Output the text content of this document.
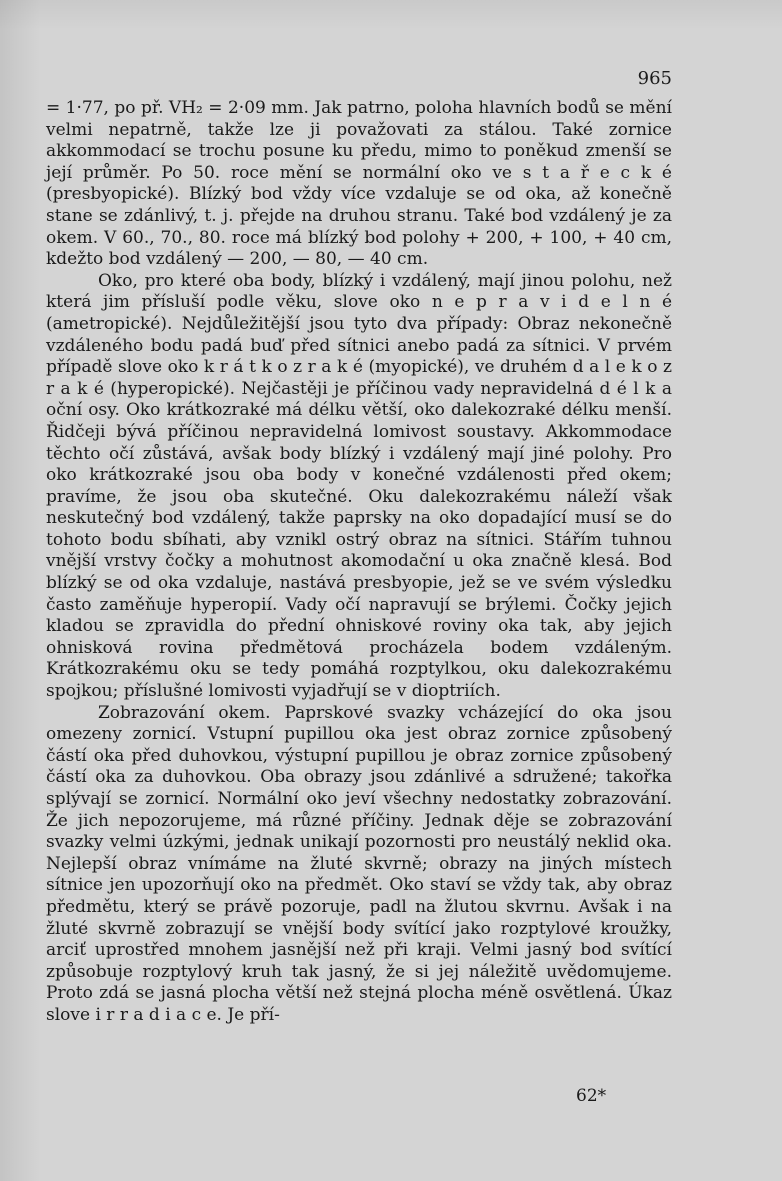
965

= 1·77, po př. VH₂ = 2·09 mm. Jak patrno, poloha hlavních bodů se mění velmi nepatrně, takže lze ji považovati za stálou. Také zornice akkommodací se trochu posune ku předu, mimo to poněkud zmenší se její průměr. Po 50. roce mění se normální oko ve s t a ř e c k é (presbyopické). Blízký bod vždy více vzdaluje se od oka, až konečně stane se zdánlivý, t. j. přejde na druhou stranu. Také bod vzdálený je za okem. V 60., 70., 80. roce má blízký bod polohy + 200, + 100, + 40 cm, kdežto bod vzdálený — 200, — 80, — 40 cm.

Oko, pro které oba body, blízký i vzdálený, mají jinou polohu, než která jim přísluší podle věku, slove oko n e p r a v i d e l n é (ametropické). Nejdůležitější jsou tyto dva případy: Obraz nekonečně vzdáleného bodu padá buď před sítnici anebo padá za sítnici. V prvém případě slove oko k r á t k o z r a k é (myopické), ve druhém d a l e k o z r a k é (hyperopické). Nejčastěji je příčinou vady nepravidelná d é l k a oční osy. Oko krátkozraké má délku větší, oko dalekozraké délku menší. Řidčeji bývá příčinou nepravidelná lomivost soustavy. Akkommodace těchto očí zůstává, avšak body blízký i vzdálený mají jiné polohy. Pro oko krátkozraké jsou oba body v konečné vzdálenosti před okem; pravíme, že jsou oba skutečné. Oku dalekozrakému náleží však neskutečný bod vzdálený, takže paprsky na oko dopadající musí se do tohoto bodu sbíhati, aby vznikl ostrý obraz na sítnici. Stářím tuhnou vnější vrstvy čočky a mohutnost akomodační u oka značně klesá. Bod blízký se od oka vzdaluje, nastává presbyopie, jež se ve svém výsledku často zaměňuje hyperopií. Vady očí napravují se brýlemi. Čočky jejich kladou se zpravidla do přední ohniskové roviny oka tak, aby jejich ohnisková rovina předmětová procházela bodem vzdáleným. Krátkozrakému oku se tedy pomáhá rozptylkou, oku dalekozrakému spojkou; příslušné lomivosti vyjadřují se v dioptriích.

Zobrazování okem. Paprskové svazky vcházející do oka jsou omezeny zornicí. Vstupní pupillou oka jest obraz zornice způsobený částí oka před duhovkou, výstupní pupillou je obraz zornice způsobený částí oka za duhovkou. Oba obrazy jsou zdánlivé a sdružené; takořka splývají se zornicí. Normální oko jeví všechny nedostatky zobrazování. Že jich nepozorujeme, má různé příčiny. Jednak děje se zobrazování svazky velmi úzkými, jednak unikají pozornosti pro neustálý neklid oka. Nejlepší obraz vnímáme na žluté skvrně; obrazy na jiných místech sítnice jen upozorňují oko na předmět. Oko staví se vždy tak, aby obraz předmětu, který se právě pozoruje, padl na žlutou skvrnu. Avšak i na žluté skvrně zobrazují se vnější body svítící jako rozptylové kroužky, arciť uprostřed mnohem jasnější než při kraji. Velmi jasný bod svítící způsobuje rozptylový kruh tak jasný, že si jej náležitě uvědomujeme. Proto zdá se jasná plocha větší než stejná plocha méně osvětlená. Úkaz slove i r r a d i a c e. Je pří-

62*
